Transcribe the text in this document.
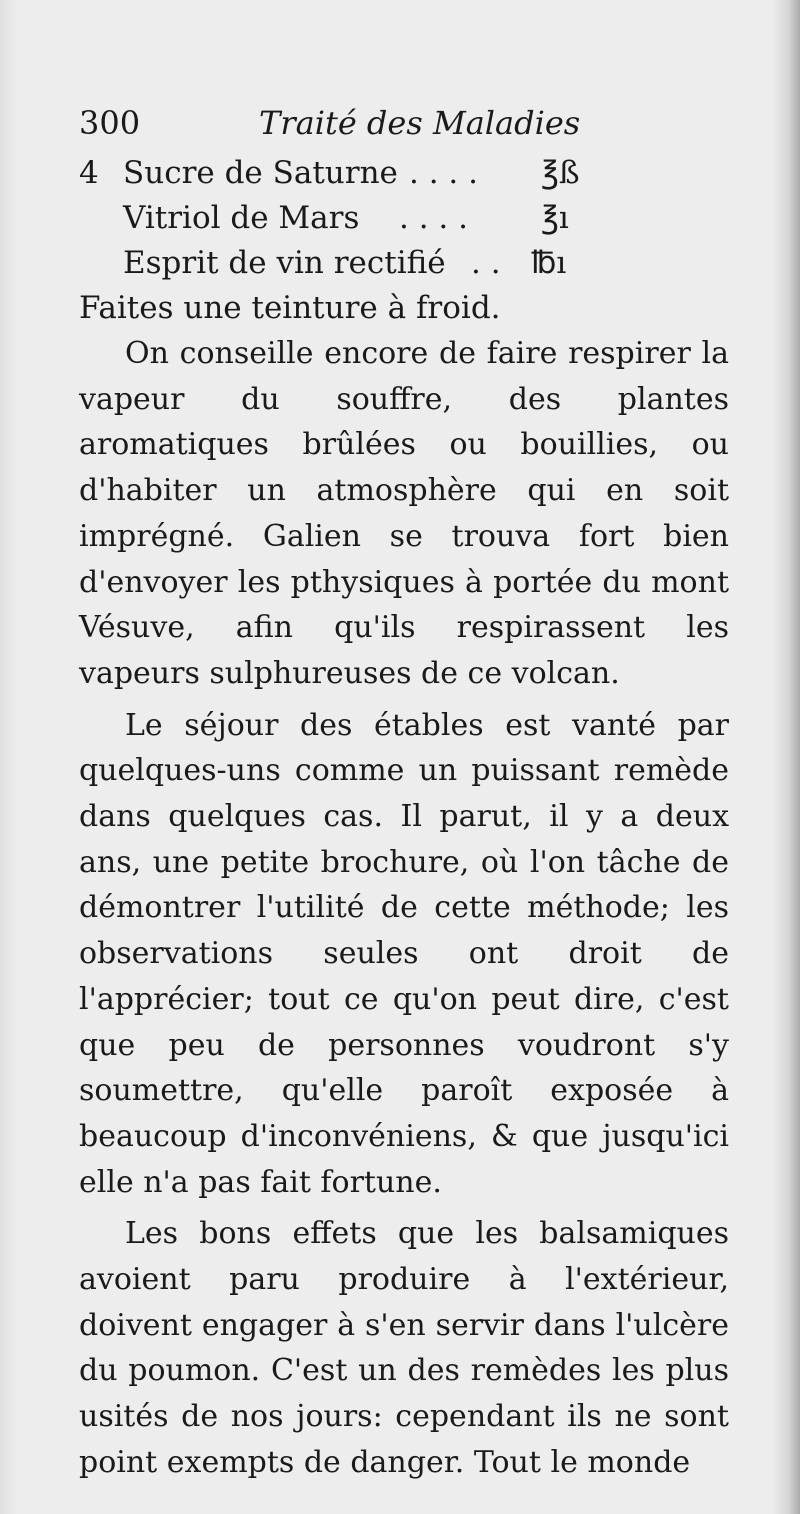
300	Traité des Maladies
4 Sucre de Saturne . . . . ℥ß
Vitriol de Mars . . . . ℥ı
Esprit de vin rectifié . . ℔ı
Faites une teinture à froid.

On conseille encore de faire respirer la vapeur du souffre, des plantes aromatiques brûlées ou bouillies, ou d'habiter un atmosphère qui en soit imprégné. Galien se trouva fort bien d'envoyer les pthysiques à portée du mont Vésuve, afin qu'ils respirassent les vapeurs sulphureuses de ce volcan.

Le séjour des étables est vanté par quelques-uns comme un puissant remède dans quelques cas. Il parut, il y a deux ans, une petite brochure, où l'on tâche de démontrer l'utilité de cette méthode; les observations seules ont droit de l'apprécier; tout ce qu'on peut dire, c'est que peu de personnes voudront s'y soumettre, qu'elle paroît exposée à beaucoup d'inconvéniens, & que jusqu'ici elle n'a pas fait fortune.

Les bons effets que les balsamiques avoient paru produire à l'extérieur, doivent engager à s'en servir dans l'ulcère du poumon. C'est un des remèdes les plus usités de nos jours: cependant ils ne sont point exempts de danger. Tout le monde
